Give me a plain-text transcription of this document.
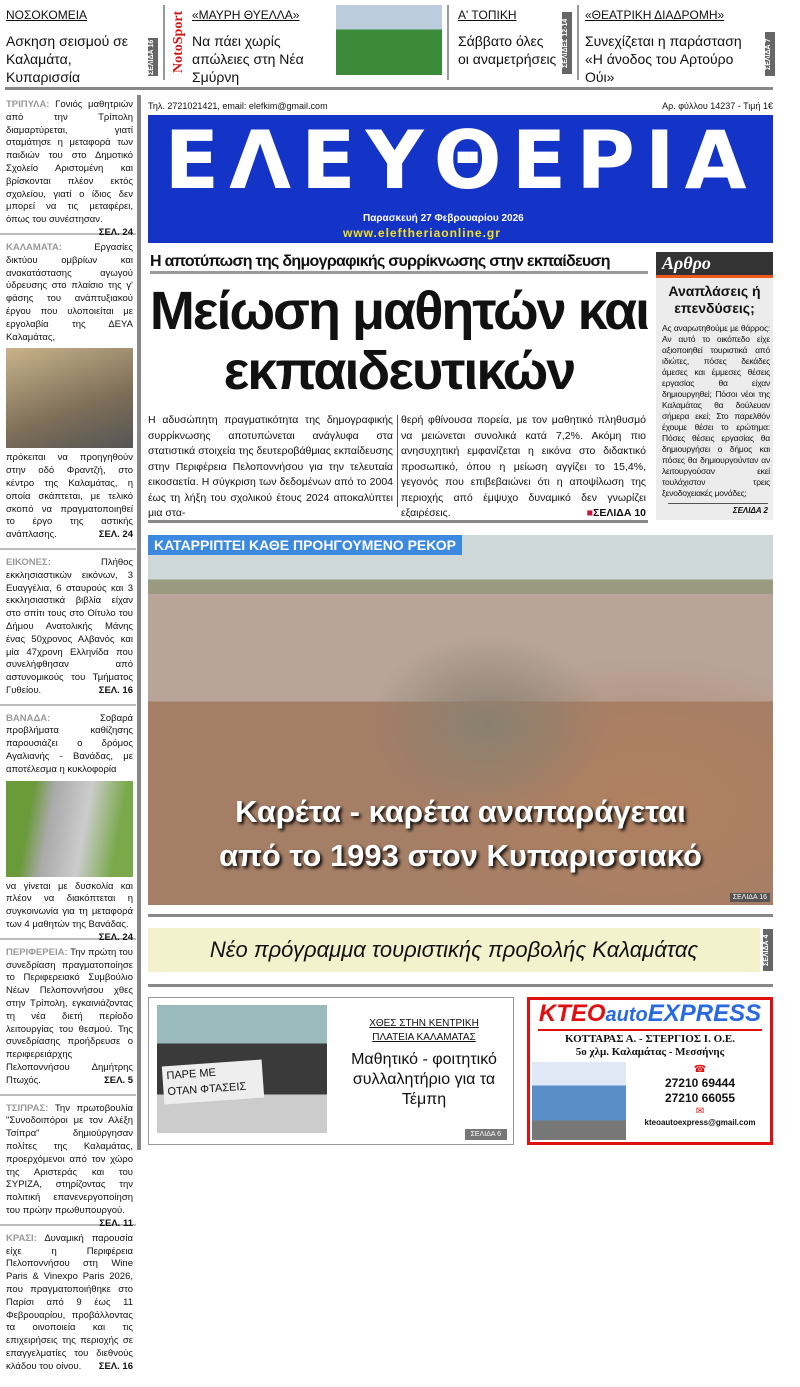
ΝΟΣΟΚΟΜΕΙΑ
Ασκηση σεισμού σε Καλαμάτα, Κυπαρισσία
ΣΕΛΙΔΑ 16 NotoSport «ΜΑΥΡΗ ΘΥΕΛΛΑ»
Να πάει χωρίς απώλειες στη Νέα Σμύρνη
Α' ΤΟΠΙΚΗ
Σάββατο όλες οι αναμετρήσεις ΣΕΛΙΔΕΣ 12-14
«ΘΕΑΤΡΙΚΗ ΔΙΑΔΡΟΜΗ»
Συνεχίζεται η παράσταση «Η άνοδος του Αρτούρο Ούι»
ΣΕΛΙΔΑ 7

ΤΡΙΠΥΛΑ: Γονιός μαθητριών από την Τρίπολη διαμαρτύρεται, γιατί σταμάτησε η μεταφορά των παιδιών του στο Δημοτικό Σχολείο Αριστομένη και βρίσκονται πλέον εκτός σχολείου, γιατί ο ίδιος δεν μπορεί να τις μεταφέρει, όπως του συνέστησαν.
ΣΕΛ. 24

ΚΑΛΑΜΑΤΑ:	Εργασίες δικτύου ομβρίων και ανακατάστασης αγωγού ύδρευσης στο πλαίσιο της γ' φάσης του ανάπτυξιακού έργου που υλοποιείται με εργολαβία της ΔΕΥΑ Καλαμάτας,

πρόκειται να προηγηθούν στην οδό Φραντζή, στο κέντρο της Καλαμάτας, η οποία σκάπτεται, με τελικό σκοπό να πραγματοποιηθεί το έργο της αστικής ανάπλασης.	ΣΕΛ. 24

ΕΙΚΟΝΕΣ:	Πλήθος εκκλησιαστικών εικόνων, 3 Ευαγγέλια, 6 σταυρούς και 3 εκκλησιαστικά βιβλία είχαν στο σπίτι τους στο Οίτυλο του Δήμου Ανατολικής Μάνης ένας 50χρονος Αλβανός και μία 47χρονη Ελληνίδα που συνελήφθησαν από αστυνομικούς του Τμήματος Γυθείου.	ΣΕΛ. 16

ΒΑΝΑΔΑ:	Σοβαρά προβλήματα καθίζησης παρουσιάζει ο δρόμος Αγαλιανής - Βανάδας, με αποτέλεσμα η κυκλοφορία

να γίνεται με δυσκολία και πλέον να διακόπτεται η συγκοινωνία για τη μεταφορά των 4 μαθητών της Βανάδας.
ΣΕΛ. 24

ΠΕΡΙΦΕΡΕΙΑ: Την πρώτη του συνεδρίαση πραγματοποίησε το Περιφερειακό Συμβούλιο Νέων Πελοποννήσου χθες στην Τρίπολη, εγκαινιάζοντας τη νέα διετή περίοδο λειτουργίας του θεσμού. Της συνεδρίασης προήδρευσε ο περιφερειάρχης Πελοποννήσου Δημήτρης Πτωχός.	ΣΕΛ. 5

ΤΣΙΠΡΑΣ: Την πρωτοβουλία "Συνοδοιπόροι με τον Αλέξη Τσίπρα" δημιούργησαν πολίτες της Καλαμάτας, προερχόμενοι από τον χώρο της Αριστεράς και του ΣΥΡΙΖΑ, στηρίζοντας την πολιτική επανενεργοποίηση του πρώην πρωθυπουργού.
ΣΕΛ. 11

ΚΡΑΣΙ: Δυναμική παρουσία είχε η Περιφέρεια Πελοποννήσου στη Wine Paris & Vinexpo Paris 2026, που πραγματοποιήθηκε στο Παρίσι από 9 έως 11 Φεβρουαρίου, προβάλλοντας τα οινοποιεία και τις επιχειρήσεις της περιοχής σε επαγγελματίες του διεθνούς κλάδου του οίνου. ΣΕΛ. 16

Τηλ. 2721021421, email: elefkim@gmail.com	Αρ. φύλλου 14237 - Τιμή 1€
ΕΛΕΥΘΕΡΙΑ
Παρασκευή 27 Φεβρουαρίου 2026
www.eleftheriaonline.gr
Η αποτύπωση της δημογραφικής συρρίκνωσης στην εκπαίδευση
Μείωση μαθητών και εκπαιδευτικών

Η αδυσώπητη πραγματικότητα της δημογραφικής συρρίκνωσης αποτυπώνεται ανάγλυφα στα στατιστικά στοιχεία της δευτεροβάθμιας εκπαίδευσης στην Περιφέρεια Πελοποννήσου για την τελευταία εικοσαετία. Η σύγκριση των δεδομένων από το 2004 έως τη λήξη του σχολικού έτους 2024 αποκαλύπτει μια στα-

θερή φθίνουσα πορεία, με τον μαθητικό πληθυσμό να μειώνεται συνολικά κατά 7,2%. Ακόμη πιο ανησυχητική εμφανίζεται η εικόνα στο διδακτικό προσωπικό, όπου η μείωση αγγίζει το 15,4%, γεγονός που επιβεβαιώνει ότι η αποψίλωση της περιοχής από έμψυχο δυναμικό δεν γνωρίζει εξαιρέσεις.	■ΣΕΛΙΔΑ 10

Αρθρο
Αναπλάσεις ή επενδύσεις;

Ας αναρωτηθούμε με θάρρος: Αν αυτό το οικόπεδο είχε αξιοποιηθεί τουριστικά από ιδιώτες, πόσες δεκάδες άμεσες και έμμεσες θέσεις εργασίας θα είχαν δημιουργηθεί; Πόσοι νέοι της Καλαμάτας θα δούλευαν σήμερα εκεί; Στο παρελθόν έχουμε θέσει το ερώτημα: Πόσες θέσεις εργασίας θα δημιουργήσει ο δήμος και πόσες θα δημιουργούνταν αν λειτουργούσαν εκεί τουλάχιστον τρεις ξενοδοχειακές μονάδες;

ΣΕΛΙΔΑ 2
ΚΑΤΑΡΡΙΠΤΕΙ ΚΑΘΕ ΠΡΟΗΓΟΥΜΕΝΟ ΡΕΚΟΡ
Καρέτα - καρέτα αναπαράγεται
από το 1993 στον Κυπαρισσιακό
ΣΕΛΙΔΑ 16
Νέο πρόγραμμα τουριστικής προβολής Καλαμάτας	ΣΕΛΙΔΑ 4
ΠΑΡΕ ΜΕ
ΟΤΑΝ ΦΤΑΣΕΙΣ
ΧΘΕΣ ΣΤΗΝ ΚΕΝΤΡΙΚΗ
ΠΛΑΤΕΙΑ ΚΑΛΑΜΑΤΑΣ
Μαθητικό - φοιτητικό συλλαλητήριο για τα Τέμπη
ΣΕΛΙΔΑ 6
ΚΤΕΟautoEXPRESS
ΚΟΤΤΑΡΑΣ Α. - ΣΤΕΡΓΙΟΣ Ι. Ο.Ε.
5ο χλμ. Καλαμάτας - Μεσσήνης
☎
27210 69444
27210 66055
✉
kteoautoexpress@gmail.com
